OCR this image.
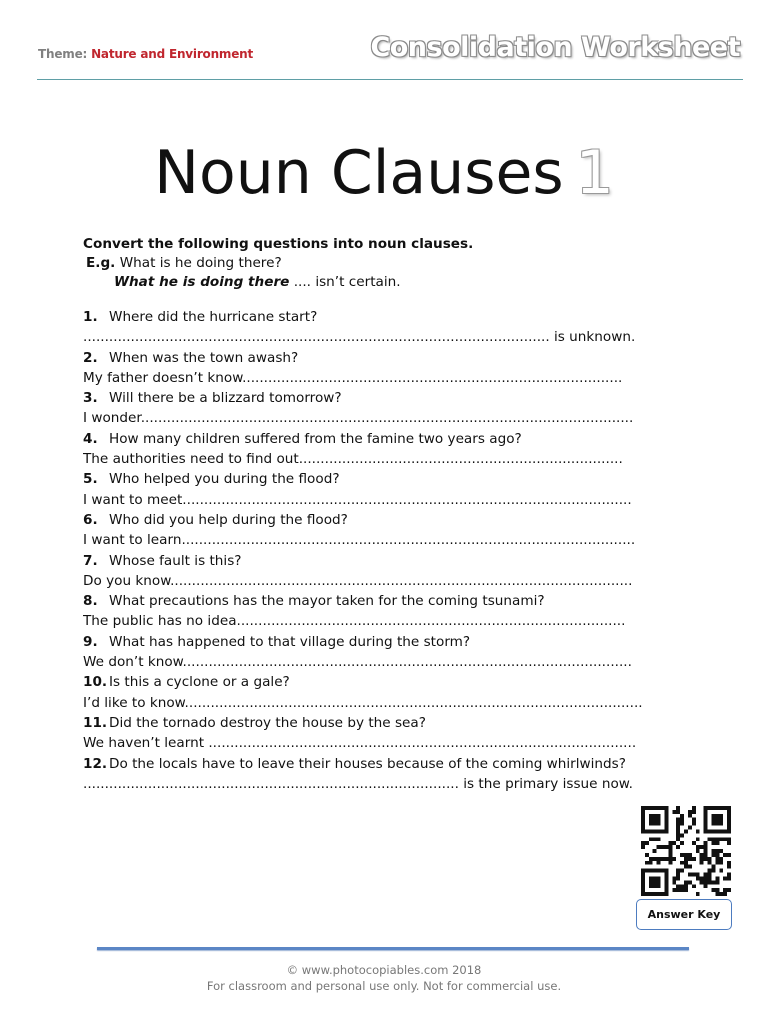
Theme: Nature and Environment	Consolidation Worksheet
Noun Clauses 1

Convert the following questions into noun clauses.

E.g. What is he doing there?
What he is doing there .... isn’t certain.
1. Where did the hurricane start?
............................................................................................................ is unknown.
2. When was the town awash?
My father doesn’t know........................................................................................
3. Will there be a blizzard tomorrow?
I wonder..................................................................................................................
4. How many children suffered from the famine two years ago?
The authorities need to find out...........................................................................
5. Who helped you during the flood?
I want to meet........................................................................................................
6. Who did you help during the flood?
I want to learn.........................................................................................................
7. Whose fault is this?
Do you know...........................................................................................................
8. What precautions has the mayor taken for the coming tsunami?
The public has no idea..........................................................................................
9. What has happened to that village during the storm?
We don’t know........................................................................................................
10. Is this a cyclone or a gale?
I’d like to know..........................................................................................................
11. Did the tornado destroy the house by the sea?
We haven’t learnt ...................................................................................................
12. Do the locals have to leave their houses because of the coming whirlwinds?
....................................................................................... is the primary issue now.
Answer Key
© www.photocopiables.com 2018
For classroom and personal use only. Not for commercial use.
